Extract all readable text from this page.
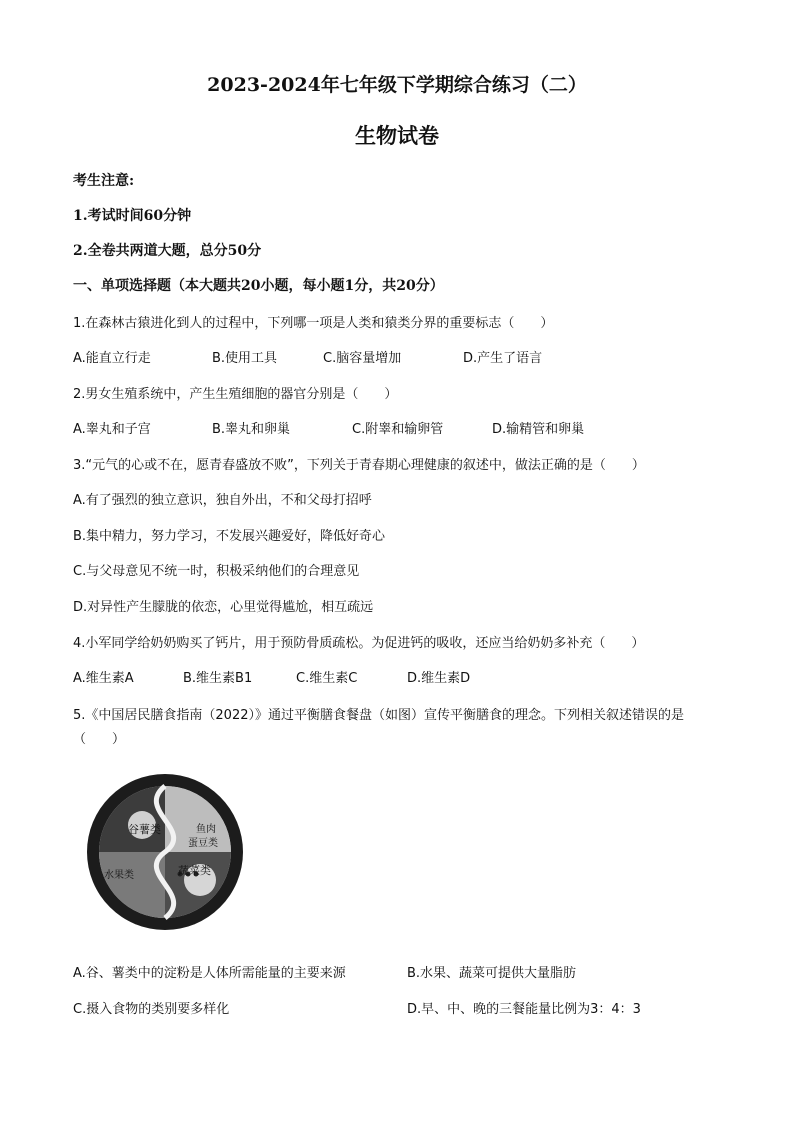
2023-2024年七年级下学期综合练习（二）
生物试卷
考生注意:
1.考试时间60分钟
2.全卷共两道大题，总分50分
一、单项选择题（本大题共20小题，每小题1分，共20分）
1.在森林古猿进化到人的过程中，下列哪一项是人类和猿类分界的重要标志（　　）
A.能直立行走	B.使用工具	C.脑容量增加	D.产生了语言
2.男女生殖系统中，产生生殖细胞的器官分别是（　　）
A.睾丸和子宫	B.睾丸和卵巢	C.附睾和输卵管	D.输精管和卵巢
3.“元气的心或不在，愿青春盛放不败”，下列关于青春期心理健康的叙述中，做法正确的是（　　）
A.有了强烈的独立意识，独自外出，不和父母打招呼
B.集中精力，努力学习，不发展兴趣爱好，降低好奇心
C.与父母意见不统一时，积极采纳他们的合理意见
D.对异性产生朦胧的依恋，心里觉得尴尬，相互疏远
4.小军同学给奶奶购买了钙片，用于预防骨质疏松。为促进钙的吸收，还应当给奶奶多补充（　　）
A.维生素A	B.维生素B1	C.维生素C	D.维生素D
5.《中国居民膳食指南（2022）》通过平衡膳食餐盘（如图）宣传平衡膳食的理念。下列相关叙述错误的是
（　　）
谷薯类	鱼肉
蛋豆类
水果类	蔬菜类
A.谷、薯类中的淀粉是人体所需能量的主要来源	B.水果、蔬菜可提供大量脂肪
C.摄入食物的类别要多样化	D.早、中、晚的三餐能量比例为3：4：3
